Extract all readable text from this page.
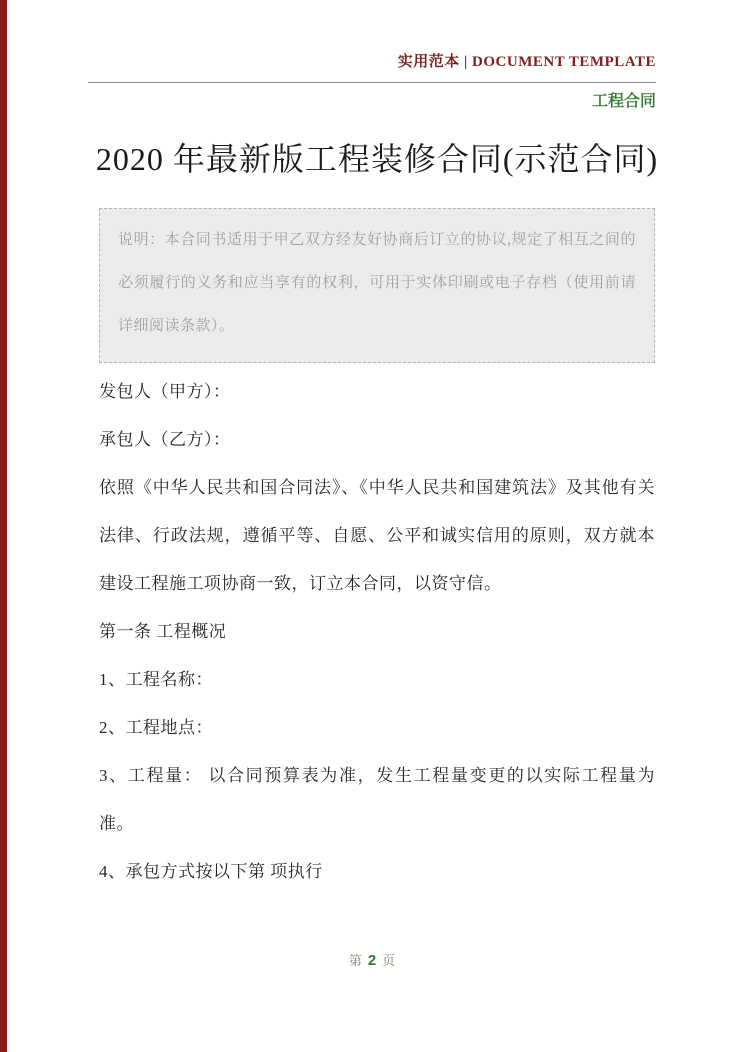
实用范本 | DOCUMENT TEMPLATE
工程合同
2020 年最新版工程装修合同(示范合同)

说明：本合同书适用于甲乙双方经友好协商后订立的协议,规定了相互之间的必须履行的义务和应当享有的权利，可用于实体印刷或电子存档（使用前请详细阅读条款）。

发包人（甲方）：

承包人（乙方）：

依照《中华人民共和国合同法》、《中华人民共和国建筑法》及其他有关法律、行政法规，遵循平等、自愿、公平和诚实信用的原则，双方就本建设工程施工项协商一致，订立本合同，以资守信。

第一条 工程概况

1、工程名称：

2、工程地点：

3、工程量： 以合同预算表为准，发生工程量变更的以实际工程量为准。

4、承包方式按以下第 项执行

第 2 页
